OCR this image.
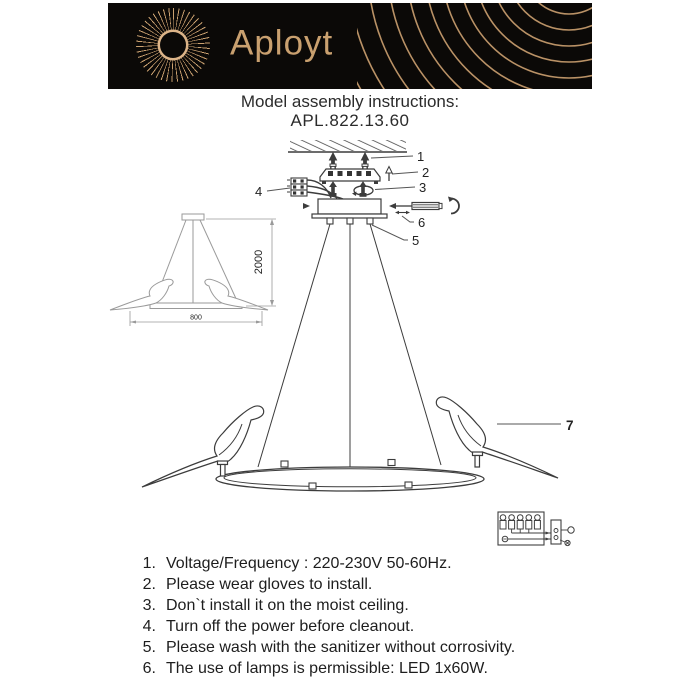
Aployt
Model assembly instructions:
APL.822.13.60
1
2
3
4
6
5
7
2000
800
1. Voltage/Frequency : 220-230V 50-60Hz.
2. Please wear gloves to install.
3. Don`t install it on the moist ceiling.
4. Turn off the power before cleanout.
5. Please wash with the sanitizer without corrosivity.
6. The use of lamps is permissible: LED 1x60W.
